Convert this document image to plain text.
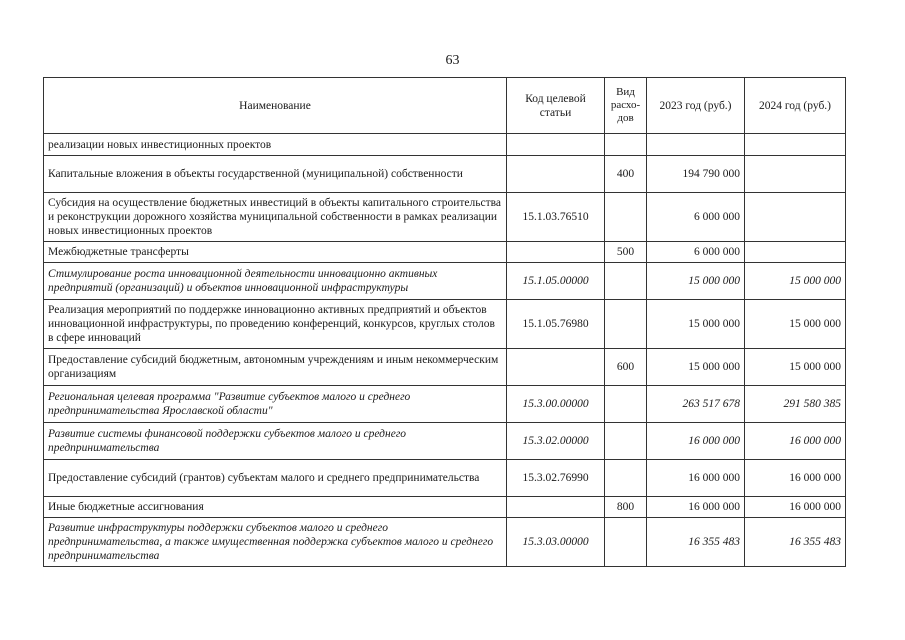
63
Наименование	Код целевой статьи	Вид расхо-дов	2023 год (руб.)	2024 год (руб.)
реализации новых инвестиционных проектов				
Капитальные вложения в объекты государственной (муниципальной) собственности		400	194 790 000	
Субсидия на осуществление бюджетных инвестиций в объекты капитального строительства и реконструкции дорожного хозяйства муниципальной собственности в рамках реализации новых инвестиционных проектов	15.1.03.76510		6 000 000	
Межбюджетные трансферты		500	6 000 000	
Стимулирование роста инновационной деятельности инновационно активных предприятий (организаций) и объектов инновационной инфраструктуры	15.1.05.00000		15 000 000	15 000 000
Реализация мероприятий по поддержке инновационно активных предприятий и объектов инновационной инфраструктуры, по проведению конференций, конкурсов, круглых столов в сфере инноваций	15.1.05.76980		15 000 000	15 000 000
Предоставление субсидий бюджетным, автономным учреждениям и иным некоммерческим организациям		600	15 000 000	15 000 000
Региональная целевая программа "Развитие субъектов малого и среднего предпринимательства Ярославской области"	15.3.00.00000		263 517 678	291 580 385
Развитие системы финансовой поддержки субъектов малого и среднего предпринимательства	15.3.02.00000		16 000 000	16 000 000
Предоставление субсидий (грантов) субъектам малого и среднего предпринимательства	15.3.02.76990		16 000 000	16 000 000
Иные бюджетные ассигнования		800	16 000 000	16 000 000
Развитие инфраструктуры поддержки субъектов малого и среднего предпринимательства, а также имущественная поддержка субъектов малого и среднего предпринимательства	15.3.03.00000		16 355 483	16 355 483
